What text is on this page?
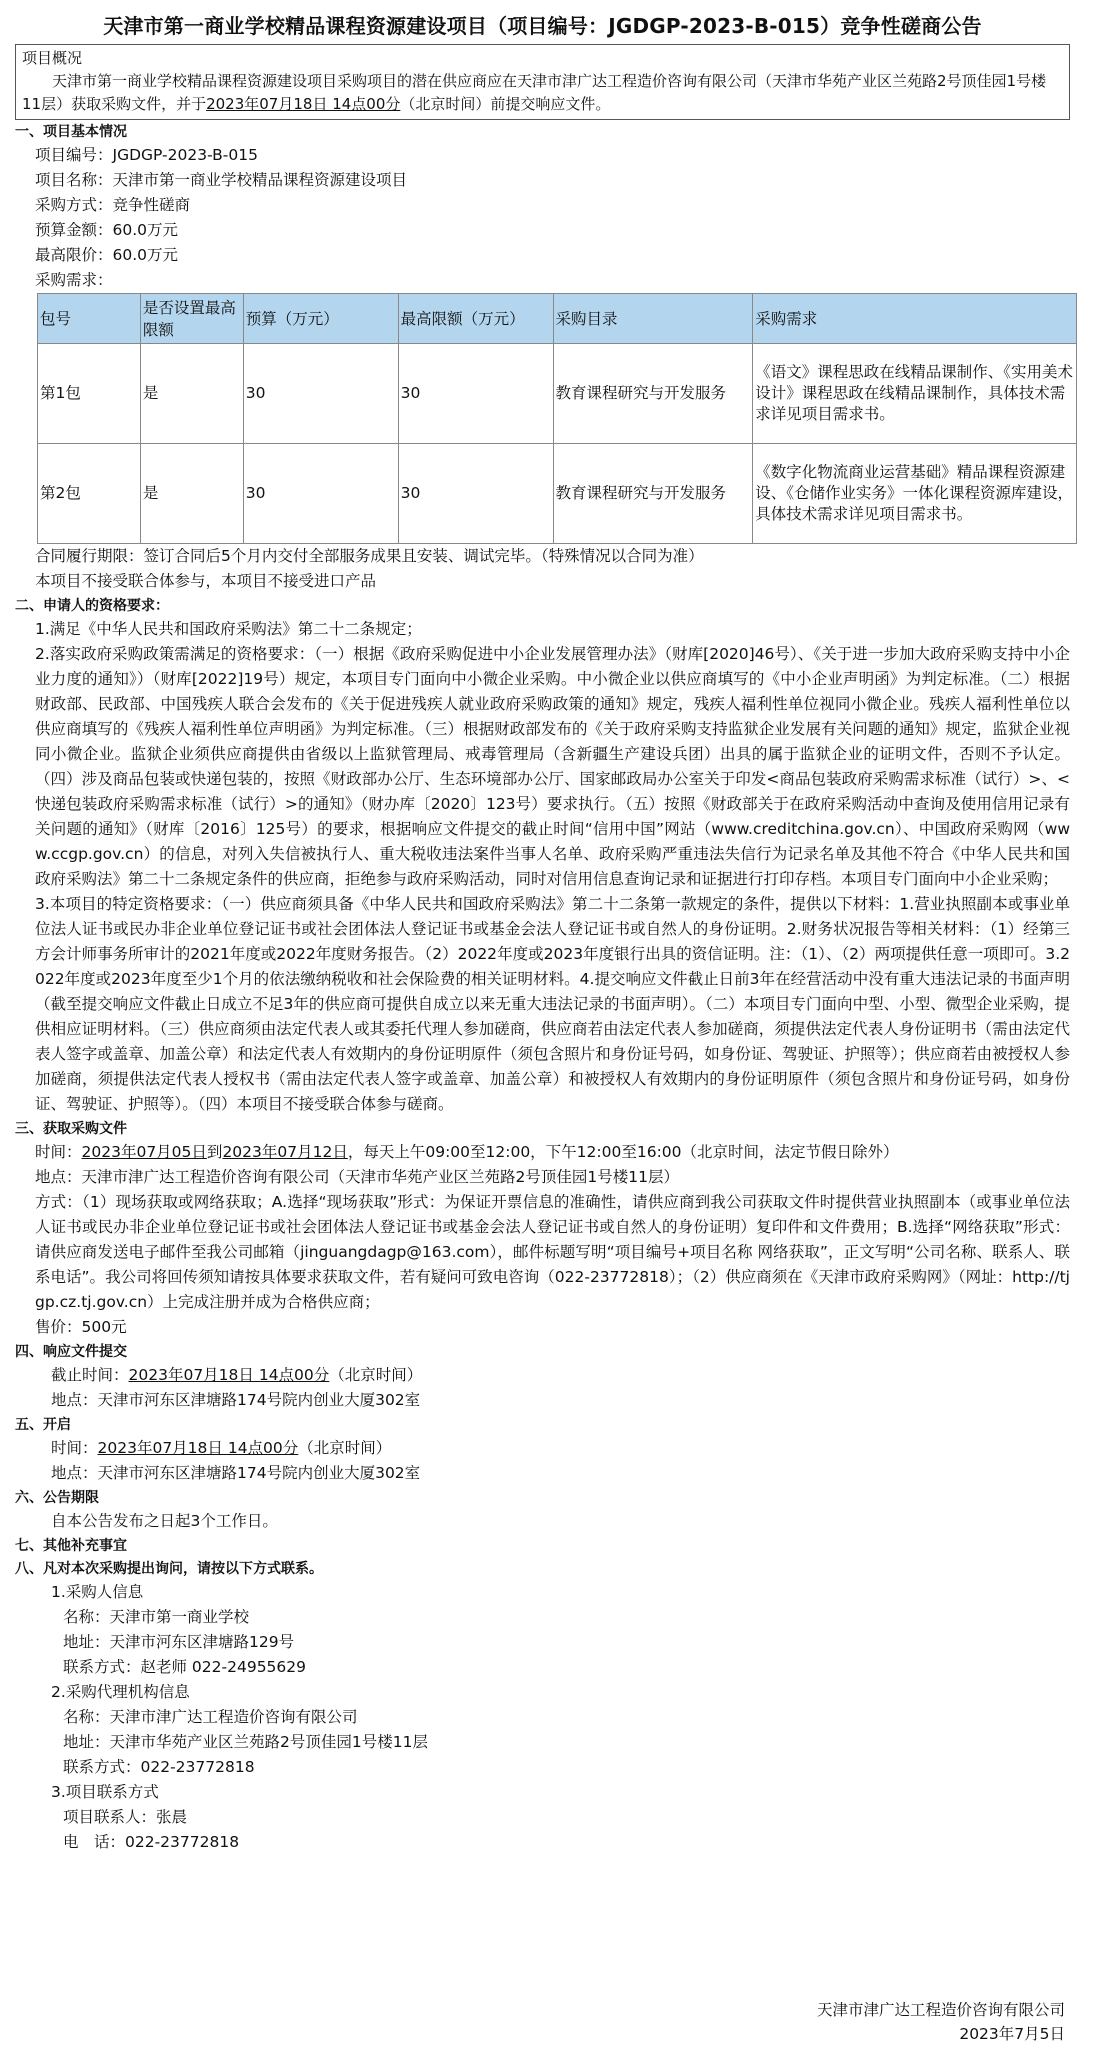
天津市第一商业学校精品课程资源建设项目（项目编号：JGDGP-2023-B-015）竞争性磋商公告
项目概况
天津市第一商业学校精品课程资源建设项目采购项目的潜在供应商应在天津市津广达工程造价咨询有限公司（天津市华苑产业区兰苑路2号顶佳园1号楼11层）获取采购文件，并于2023年07月18日 14点00分（北京时间）前提交响应文件。
一、项目基本情况
项目编号：JGDGP-2023-B-015
项目名称：天津市第一商业学校精品课程资源建设项目
采购方式：竞争性磋商
预算金额：60.0万元
最高限价：60.0万元
采购需求：
包号	是否设置最高限额	预算（万元）	最高限额（万元）	采购目录	采购需求
第1包	是	30	30	教育课程研究与开发服务	《语文》课程思政在线精品课制作、《实用美术设计》课程思政在线精品课制作，具体技术需求详见项目需求书。
第2包	是	30	30	教育课程研究与开发服务	《数字化物流商业运营基础》精品课程资源建设、《仓储作业实务》一体化课程资源库建设，具体技术需求详见项目需求书。
合同履行期限：签订合同后5个月内交付全部服务成果且安装、调试完毕。（特殊情况以合同为准）
本项目不接受联合体参与，本项目不接受进口产品
二、申请人的资格要求：
1.满足《中华人民共和国政府采购法》第二十二条规定；
2.落实政府采购政策需满足的资格要求：（一）根据《政府采购促进中小企业发展管理办法》（财库[2020]46号）、《关于进一步加大政府采购支持中小企业力度的通知》）（财库[2022]19号）规定，本项目专门面向中小微企业采购。中小微企业以供应商填写的《中小企业声明函》为判定标准。（二）根据财政部、民政部、中国残疾人联合会发布的《关于促进残疾人就业政府采购政策的通知》规定，残疾人福利性单位视同小微企业。残疾人福利性单位以供应商填写的《残疾人福利性单位声明函》为判定标准。（三）根据财政部发布的《关于政府采购支持监狱企业发展有关问题的通知》规定，监狱企业视同小微企业。监狱企业须供应商提供由省级以上监狱管理局、戒毒管理局（含新疆生产建设兵团）出具的属于监狱企业的证明文件，否则不予认定。（四）涉及商品包装或快递包装的，按照《财政部办公厅、生态环境部办公厅、国家邮政局办公室关于印发<商品包装政府采购需求标准（试行）>、<快递包装政府采购需求标准（试行）>的通知》（财办库〔2020〕123号）要求执行。（五）按照《财政部关于在政府采购活动中查询及使用信用记录有关问题的通知》（财库〔2016〕125号）的要求，根据响应文件提交的截止时间“信用中国”网站（www.creditchina.gov.cn）、中国政府采购网（www.ccgp.gov.cn）的信息，对列入失信被执行人、重大税收违法案件当事人名单、政府采购严重违法失信行为记录名单及其他不符合《中华人民共和国政府采购法》第二十二条规定条件的供应商，拒绝参与政府采购活动，同时对信用信息查询记录和证据进行打印存档。本项目专门面向中小企业采购；
3.本项目的特定资格要求：（一）供应商须具备《中华人民共和国政府采购法》第二十二条第一款规定的条件，提供以下材料：1.营业执照副本或事业单位法人证书或民办非企业单位登记证书或社会团体法人登记证书或基金会法人登记证书或自然人的身份证明。2.财务状况报告等相关材料：（1）经第三方会计师事务所审计的2021年度或2022年度财务报告。（2）2022年度或2023年度银行出具的资信证明。注：（1）、（2）两项提供任意一项即可。3.2022年度或2023年度至少1个月的依法缴纳税收和社会保险费的相关证明材料。4.提交响应文件截止日前3年在经营活动中没有重大违法记录的书面声明（截至提交响应文件截止日成立不足3年的供应商可提供自成立以来无重大违法记录的书面声明）。（二）本项目专门面向中型、小型、微型企业采购，提供相应证明材料。（三）供应商须由法定代表人或其委托代理人参加磋商，供应商若由法定代表人参加磋商，须提供法定代表人身份证明书（需由法定代表人签字或盖章、加盖公章）和法定代表人有效期内的身份证明原件（须包含照片和身份证号码，如身份证、驾驶证、护照等）；供应商若由被授权人参加磋商，须提供法定代表人授权书（需由法定代表人签字或盖章、加盖公章）和被授权人有效期内的身份证明原件（须包含照片和身份证号码，如身份证、驾驶证、护照等）。（四）本项目不接受联合体参与磋商。
三、获取采购文件
时间：2023年07月05日到2023年07月12日，每天上午09:00至12:00，下午12:00至16:00（北京时间，法定节假日除外）
地点：天津市津广达工程造价咨询有限公司（天津市华苑产业区兰苑路2号顶佳园1号楼11层）
方式：（1）现场获取或网络获取；A.选择“现场获取”形式：为保证开票信息的准确性，请供应商到我公司获取文件时提供营业执照副本（或事业单位法人证书或民办非企业单位登记证书或社会团体法人登记证书或基金会法人登记证书或自然人的身份证明）复印件和文件费用；B.选择“网络获取”形式：请供应商发送电子邮件至我公司邮箱（jinguangdagp@163.com），邮件标题写明“项目编号+项目名称 网络获取”，正文写明“公司名称、联系人、联系电话”。我公司将回传须知请按具体要求获取文件，若有疑问可致电咨询（022-23772818）；（2）供应商须在《天津市政府采购网》（网址：http://tjgp.cz.tj.gov.cn）上完成注册并成为合格供应商；
售价：500元
四、响应文件提交
截止时间：2023年07月18日 14点00分（北京时间）
地点：天津市河东区津塘路174号院内创业大厦302室
五、开启
时间：2023年07月18日 14点00分（北京时间）
地点：天津市河东区津塘路174号院内创业大厦302室
六、公告期限
自本公告发布之日起3个工作日。
七、其他补充事宜
八、凡对本次采购提出询问，请按以下方式联系。
1.采购人信息
名称：天津市第一商业学校
地址：天津市河东区津塘路129号
联系方式：赵老师 022-24955629
2.采购代理机构信息
名称：天津市津广达工程造价咨询有限公司
地址：天津市华苑产业区兰苑路2号顶佳园1号楼11层
联系方式：022-23772818
3.项目联系方式
项目联系人：张晨
电　话：022-23772818
天津市津广达工程造价咨询有限公司
2023年7月5日
